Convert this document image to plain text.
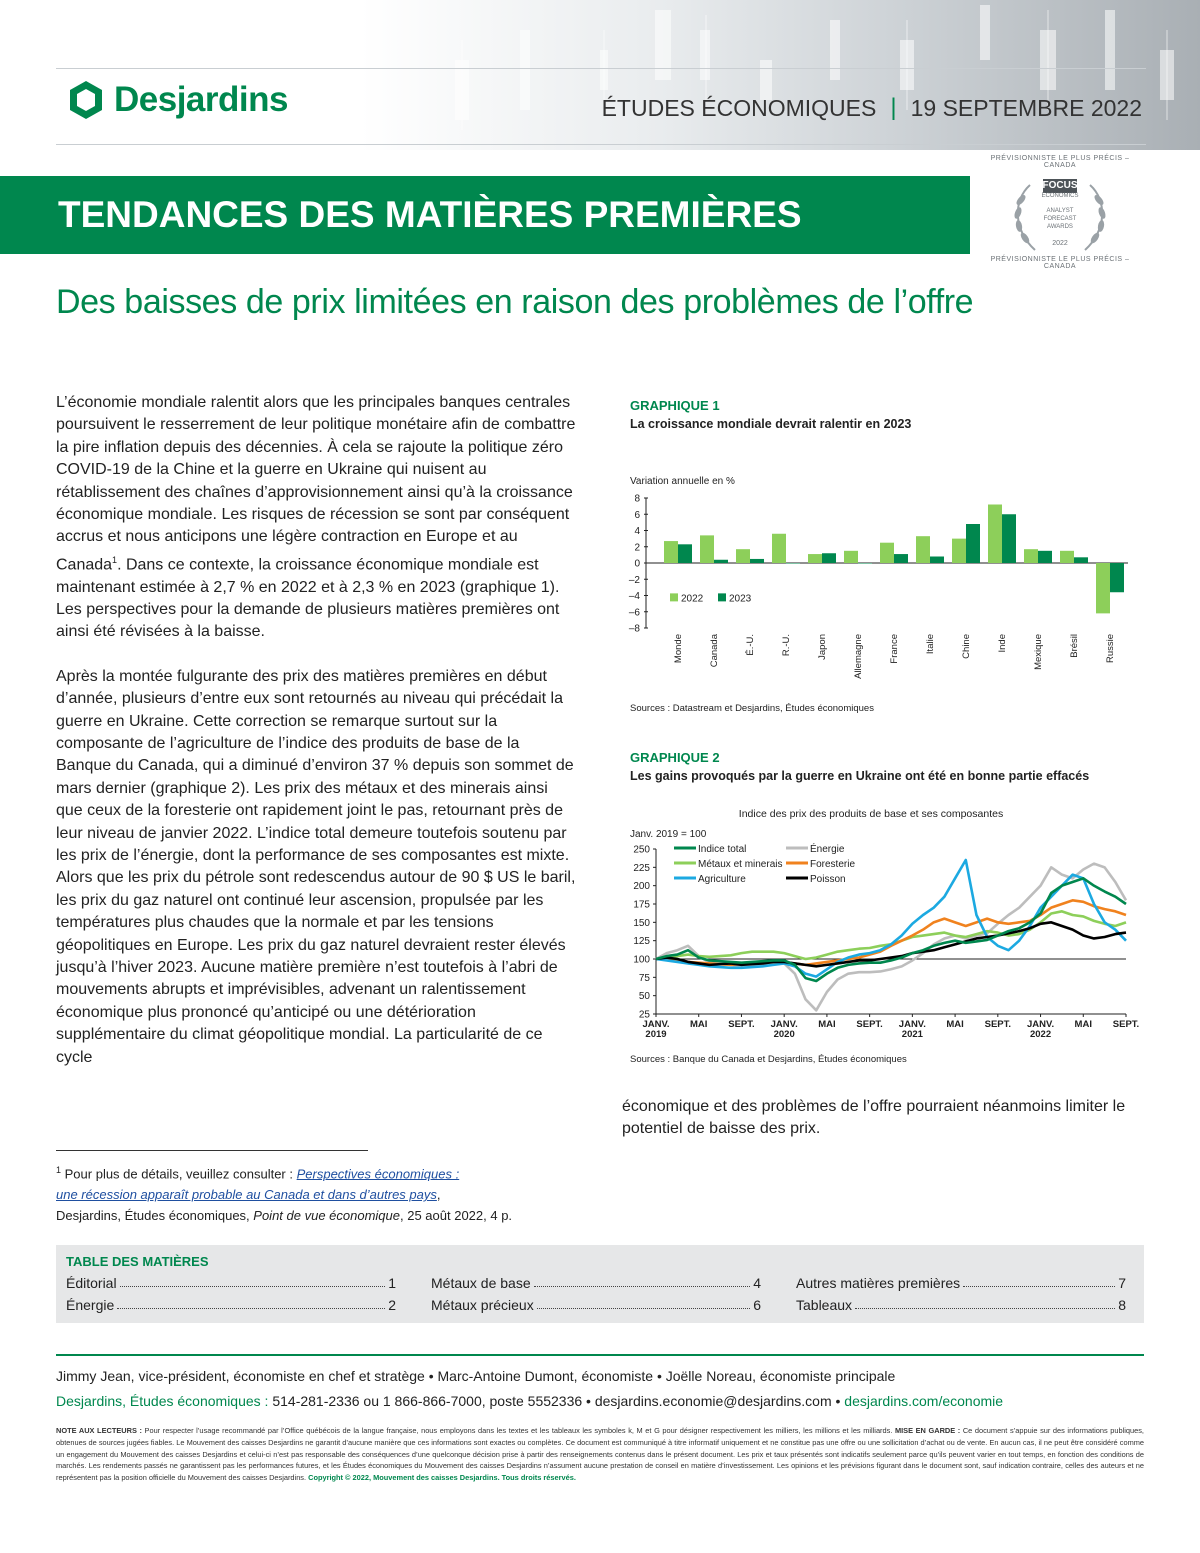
Desjardins	ÉTUDES ÉCONOMIQUES | 19 SEPTEMBRE 2022
TENDANCES DES MATIÈRES PREMIÈRES
PRÉVISIONNISTE LE PLUS PRÉCIS – CANADA
FOCUS
ECONOMICS
ANALYST FORECAST AWARDS
2022
PRÉVISIONNISTE LE PLUS PRÉCIS – CANADA
Des baisses de prix limitées en raison des problèmes de l’offre

L’économie mondiale ralentit alors que les principales banques centrales poursuivent le resserrement de leur politique monétaire afin de combattre la pire inflation depuis des décennies. À cela se rajoute la politique zéro COVID-19 de la Chine et la guerre en Ukraine qui nuisent au rétablissement des chaînes d’approvisionnement ainsi qu’à la croissance économique mondiale. Les risques de récession se sont par conséquent accrus et nous anticipons une légère contraction en Europe et au Canada$^1$. Dans ce contexte, la croissance économique mondiale est maintenant estimée à 2,7 % en 2022 et à 2,3 % en 2023 (graphique 1). Les perspectives pour la demande de plusieurs matières premières ont ainsi été révisées à la baisse.

Après la montée fulgurante des prix des matières premières en début d’année, plusieurs d’entre eux sont retournés au niveau qui précédait la guerre en Ukraine. Cette correction se remarque surtout sur la composante de l’agriculture de l’indice des produits de base de la Banque du Canada, qui a diminué d’environ 37 % depuis son sommet de mars dernier (graphique 2). Les prix des métaux et des minerais ainsi que ceux de la foresterie ont rapidement joint le pas, retournant près de leur niveau de janvier 2022. L’indice total demeure toutefois soutenu par les prix de l’énergie, dont la performance de ses composantes est mixte. Alors que les prix du pétrole sont redescendus autour de 90 $ US le baril, les prix du gaz naturel ont continué leur ascension, propulsée par les températures plus chaudes que la normale et par les tensions géopolitiques en Europe. Les prix du gaz naturel devraient rester élevés jusqu’à l’hiver 2023. Aucune matière première n’est toutefois à l’abri de mouvements abrupts et imprévisibles, advenant un ralentissement économique plus prononcé qu’anticipé ou une détérioration supplémentaire du climat géopolitique mondial. La particularité de ce cycle

économique et des problèmes de l’offre pourraient néanmoins limiter le potentiel de baisse des prix.
$^1$ Pour plus de détails, veuillez consulter : Perspectives économiques :
une récession apparaît probable au Canada et dans d’autres pays,
Desjardins, Études économiques, Point de vue économique, 25 août 2022, 4 p.
GRAPHIQUE 1
La croissance mondiale devrait ralentir en 2023
Variation annuelle en %
8
6
4
2
0
–2
–4
–6
–8
Monde	Canada	É.-U.	R.-U.	Japon	Allemagne	France	Italie	Chine	Inde	Mexique	Brésil	Russie
2022	2023
Sources : Datastream et Desjardins, Études économiques
GRAPHIQUE 2
Les gains provoqués par la guerre en Ukraine ont été en bonne partie effacés
Indice des prix des produits de base et ses composantes
Janv. 2019 = 100
250
225
200
175
150
125
100
75
50
25
JANV.
2019
MAI SEPT. JANV.
2020
MAI SEPT. JANV.
2021
MAI SEPT. JANV.
2022
MAI SEPT.
Indice total	Énergie
Métaux et minerais	Foresterie
Agriculture	Poisson
Sources : Banque du Canada et Desjardins, Études économiques
TABLE DES MATIÈRES
Éditorial	1
Énergie	2
Métaux de base	4
Métaux précieux	6
Autres matières premières	7
Tableaux	8
Jimmy Jean, vice-président, économiste en chef et stratège • Marc-Antoine Dumont, économiste • Joëlle Noreau, économiste principale
Desjardins, Études économiques : 514-281-2336 ou 1 866-866-7000, poste 5552336 • desjardins.economie@desjardins.com • desjardins.com/economie
NOTE AUX LECTEURS : Pour respecter l’usage recommandé par l’Office québécois de la langue française, nous employons dans les textes et les tableaux les symboles k, M et G pour désigner respectivement les milliers, les millions et les milliards. MISE EN GARDE : Ce document s’appuie sur des informations publiques, obtenues de sources jugées fiables. Le Mouvement des caisses Desjardins ne garantit d’aucune manière que ces informations sont exactes ou complètes. Ce document est communiqué à titre informatif uniquement et ne constitue pas une offre ou une sollicitation d’achat ou de vente. En aucun cas, il ne peut être considéré comme un engagement du Mouvement des caisses Desjardins et celui-ci n’est pas responsable des conséquences d’une quelconque décision prise à partir des renseignements contenus dans le présent document. Les prix et taux présentés sont indicatifs seulement parce qu’ils peuvent varier en tout temps, en fonction des conditions de marchés. Les rendements passés ne garantissent pas les performances futures, et les Études économiques du Mouvement des caisses Desjardins n’assument aucune prestation de conseil en matière d’investissement. Les opinions et les prévisions figurant dans le document sont, sauf indication contraire, celles des auteurs et ne représentent pas la position officielle du Mouvement des caisses Desjardins. Copyright © 2022, Mouvement des caisses Desjardins. Tous droits réservés.
